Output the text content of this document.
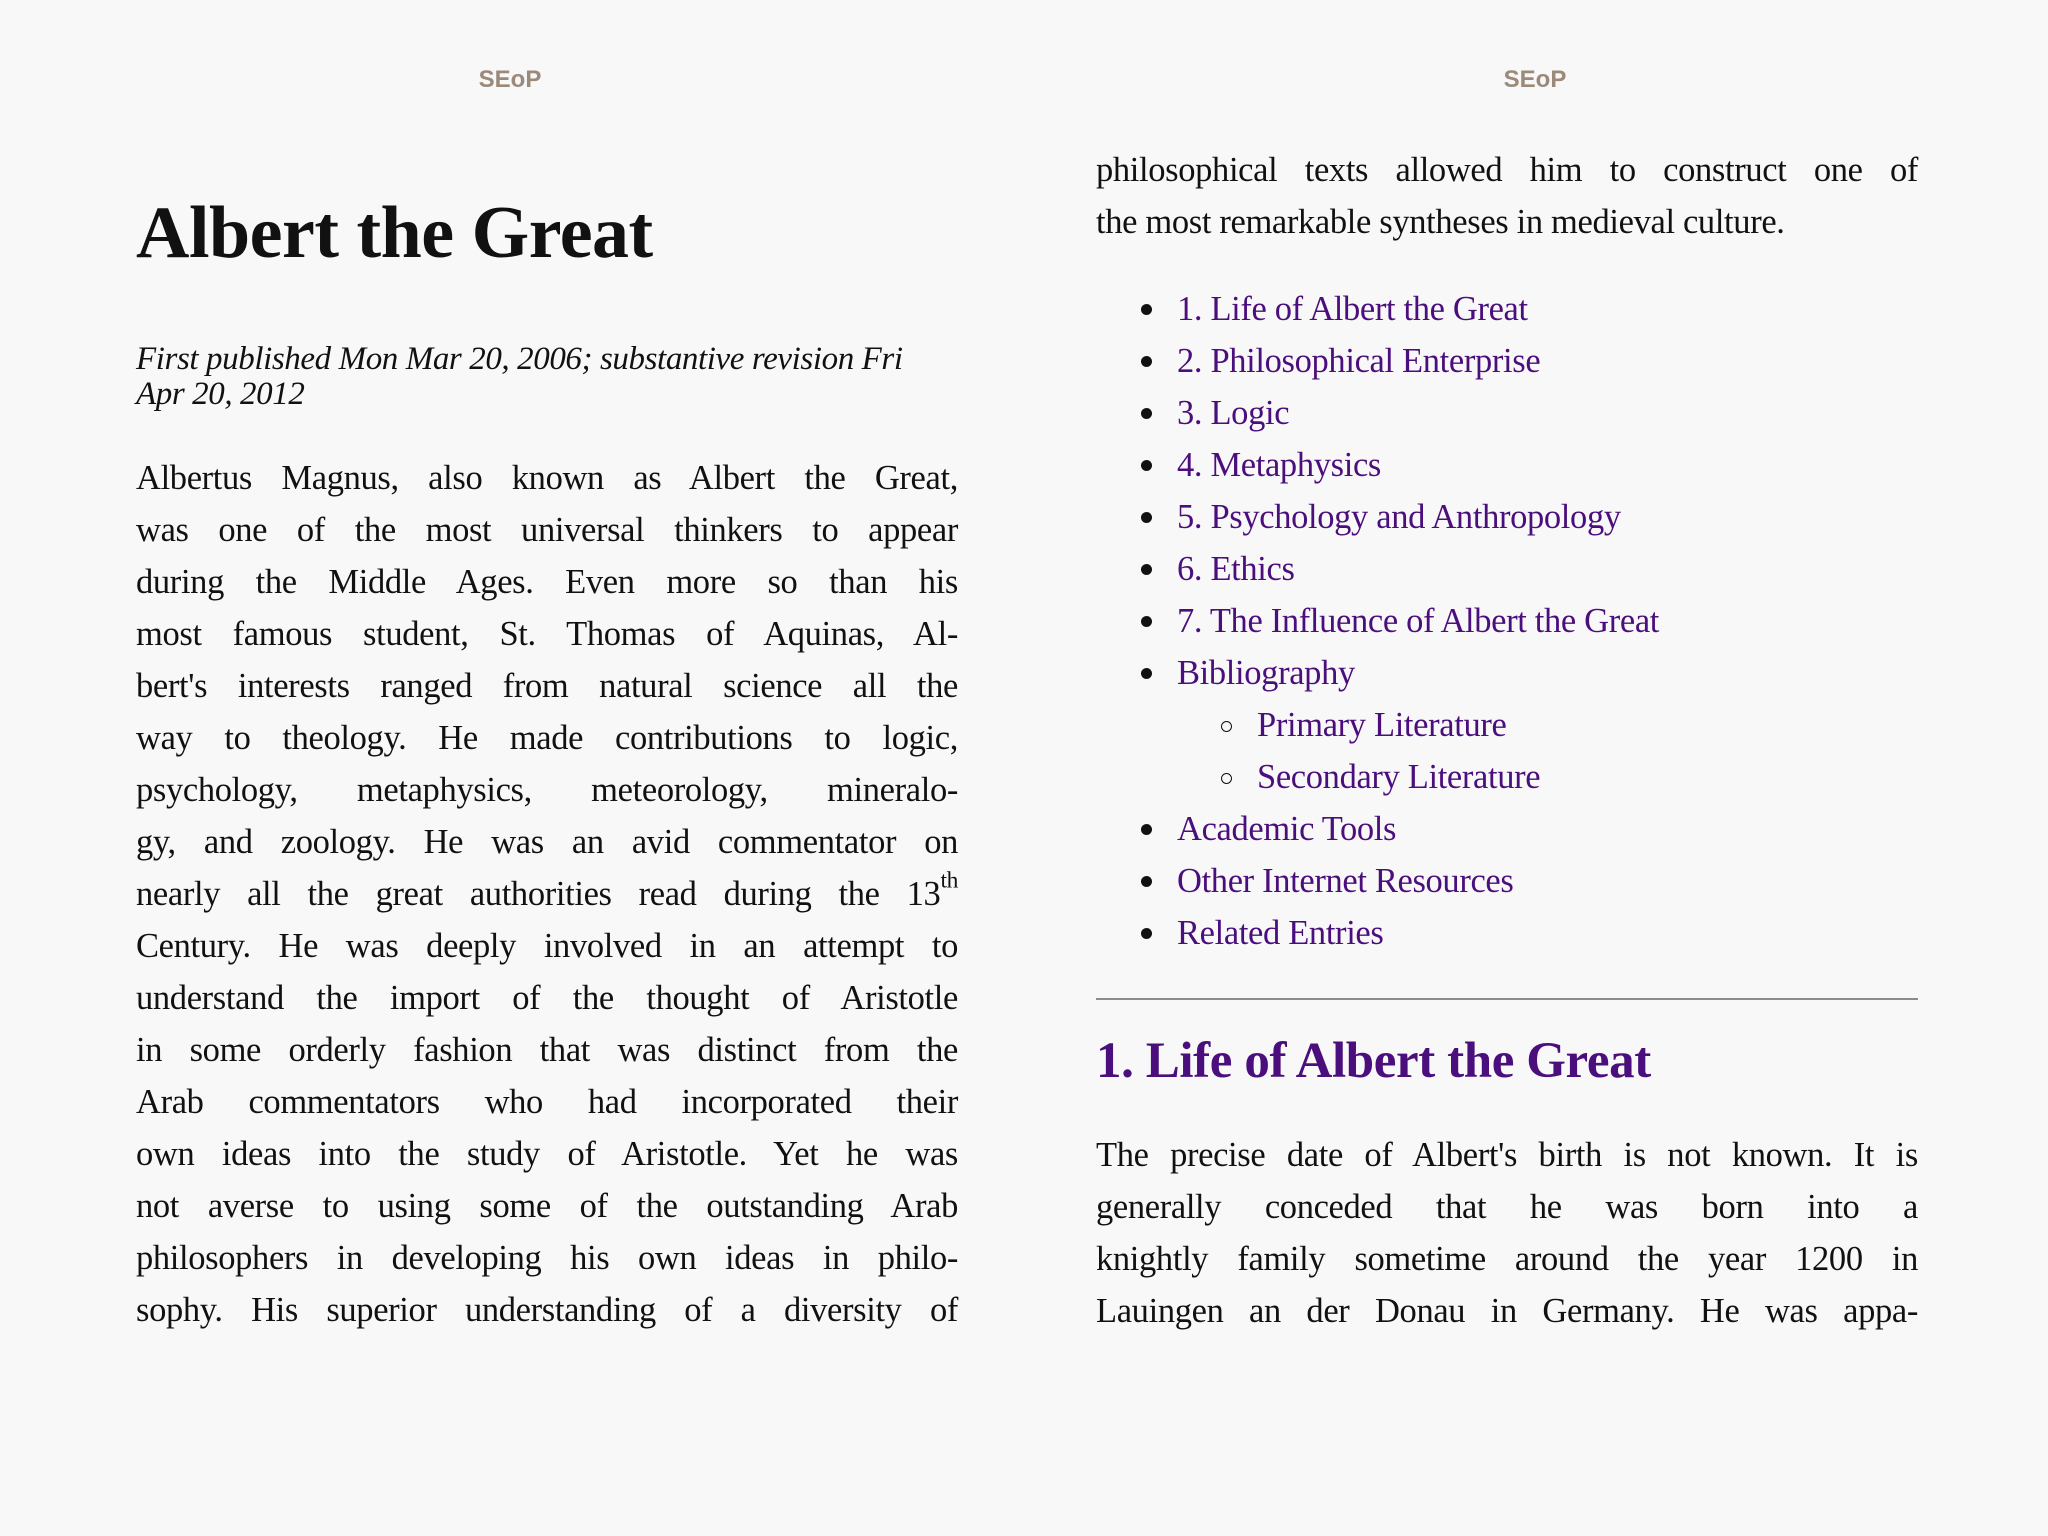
SEoP	SEoP
Albert the Great
First published Mon Mar 20, 2006; substantive revision Fri Apr 20, 2012
Albertus Magnus, also known as Albert the Great,
was one of the most universal thinkers to appear
during the Middle Ages. Even more so than his
most famous student, St. Thomas of Aquinas, Al-
bert's interests ranged from natural science all the
way to theology. He made contributions to logic,
psychology, metaphysics, meteorology, mineralo-
gy, and zoology. He was an avid commentator on
nearly all the great authorities read during the 13th
Century. He was deeply involved in an attempt to
understand the import of the thought of Aristotle
in some orderly fashion that was distinct from the
Arab commentators who had incorporated their
own ideas into the study of Aristotle. Yet he was
not averse to using some of the outstanding Arab
philosophers in developing his own ideas in philo-
sophy. His superior understanding of a diversity of
philosophical texts allowed him to construct one of
the most remarkable syntheses in medieval culture.
1. Life of Albert the Great
2. Philosophical Enterprise
3. Logic
4. Metaphysics
5. Psychology and Anthropology
6. Ethics
7. The Influence of Albert the Great
Bibliography
Primary Literature
Secondary Literature
Academic Tools
Other Internet Resources
Related Entries
1. Life of Albert the Great
The precise date of Albert's birth is not known. It is
generally conceded that he was born into a
knightly family sometime around the year 1200 in
Lauingen an der Donau in Germany. He was appa-
